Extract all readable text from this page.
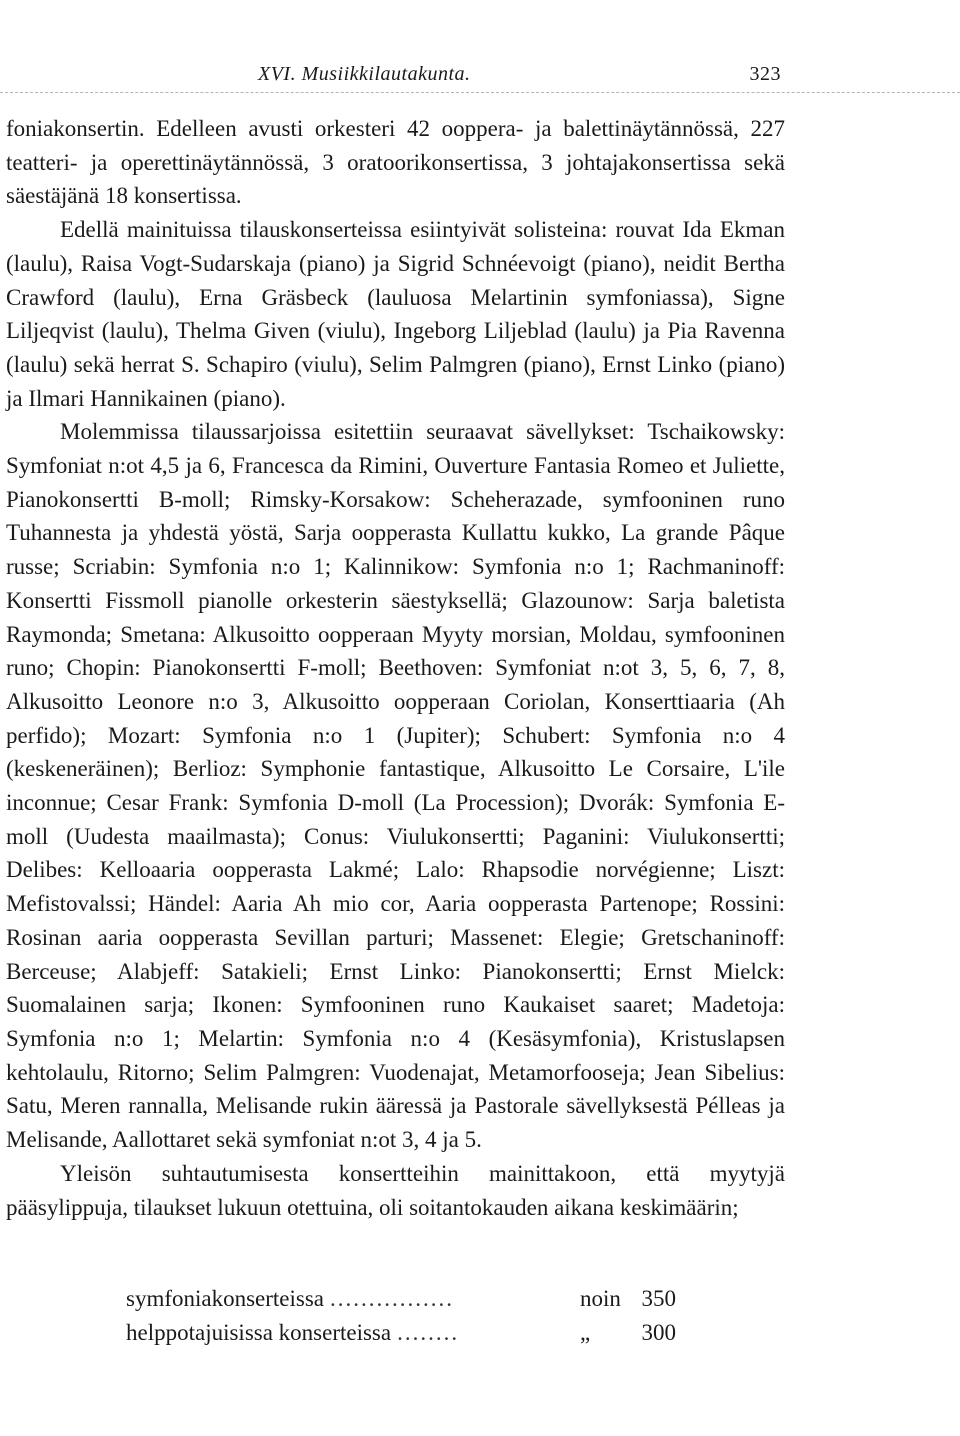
XVI. Musiikkilautakunta.	323

foniakonsertin. Edelleen avusti orkesteri 42 ooppera- ja balettinäytännössä, 227 teatteri- ja operettinäytännössä, 3 oratoorikonsertissa, 3 johtajakonsertissa sekä säestäjänä 18 konsertissa.

Edellä mainituissa tilauskonserteissa esiintyivät solisteina: rouvat Ida Ekman (laulu), Raisa Vogt-Sudarskaja (piano) ja Sigrid Schnéevoigt (piano), neidit Bertha Crawford (laulu), Erna Gräsbeck (lauluosa Melartinin symfoniassa), Signe Liljeqvist (laulu), Thelma Given (viulu), Ingeborg Liljeblad (laulu) ja Pia Ravenna (laulu) sekä herrat S. Schapiro (viulu), Selim Palmgren (piano), Ernst Linko (piano) ja Ilmari Hannikainen (piano).

Molemmissa tilaussarjoissa esitettiin seuraavat sävellykset: Tschaikowsky: Symfoniat n:ot 4,5 ja 6, Francesca da Rimini, Ouverture Fantasia Romeo et Juliette, Pianokonsertti B-moll; Rimsky-Korsakow: Scheherazade, symfooninen runo Tuhannesta ja yhdestä yöstä, Sarja oopperasta Kullattu kukko, La grande Pâque russe; Scriabin: Symfonia n:o 1; Kalinnikow: Symfonia n:o 1; Rachmaninoff: Konsertti Fissmoll pianolle orkesterin säestyksellä; Glazounow: Sarja baletista Raymonda; Smetana: Alkusoitto oopperaan Myyty morsian, Moldau, symfooninen runo; Chopin: Pianokonsertti F-moll; Beethoven: Symfoniat n:ot 3, 5, 6, 7, 8, Alkusoitto Leonore n:o 3, Alkusoitto oopperaan Coriolan, Konserttiaaria (Ah perfido); Mozart: Symfonia n:o 1 (Jupiter); Schubert: Symfonia n:o 4 (keskeneräinen); Berlioz: Symphonie fantastique, Alkusoitto Le Corsaire, L'ile inconnue; Cesar Frank: Symfonia D-moll (La Procession); Dvorák: Symfonia E-moll (Uudesta maailmasta); Conus: Viulukonsertti; Paganini: Viulukonsertti; Delibes: Kelloaaria oopperasta Lakmé; Lalo: Rhapsodie norvégienne; Liszt: Mefistovalssi; Händel: Aaria Ah mio cor, Aaria oopperasta Partenope; Rossini: Rosinan aaria oopperasta Sevillan parturi; Massenet: Elegie; Gretschaninoff: Berceuse; Alabjeff: Satakieli; Ernst Linko: Pianokonsertti; Ernst Mielck: Suomalainen sarja; Ikonen: Symfooninen runo Kaukaiset saaret; Madetoja: Symfonia n:o 1; Melartin: Symfonia n:o 4 (Kesäsymfonia), Kristuslapsen kehtolaulu, Ritorno; Selim Palmgren: Vuodenajat, Metamorfooseja; Jean Sibelius: Satu, Meren rannalla, Melisande rukin ääressä ja Pastorale sävellyksestä Pélleas ja Melisande, Aallottaret sekä symfoniat n:ot 3, 4 ja 5.

Yleisön suhtautumisesta konsertteihin mainittakoon, että myytyjä pääsylippuja, tilaukset lukuun otettuina, oli soitantokauden aikana keskimäärin;

symfoniakonserteissa ................	noin 350
helppotajuisissa konserteissa ........	„	300
